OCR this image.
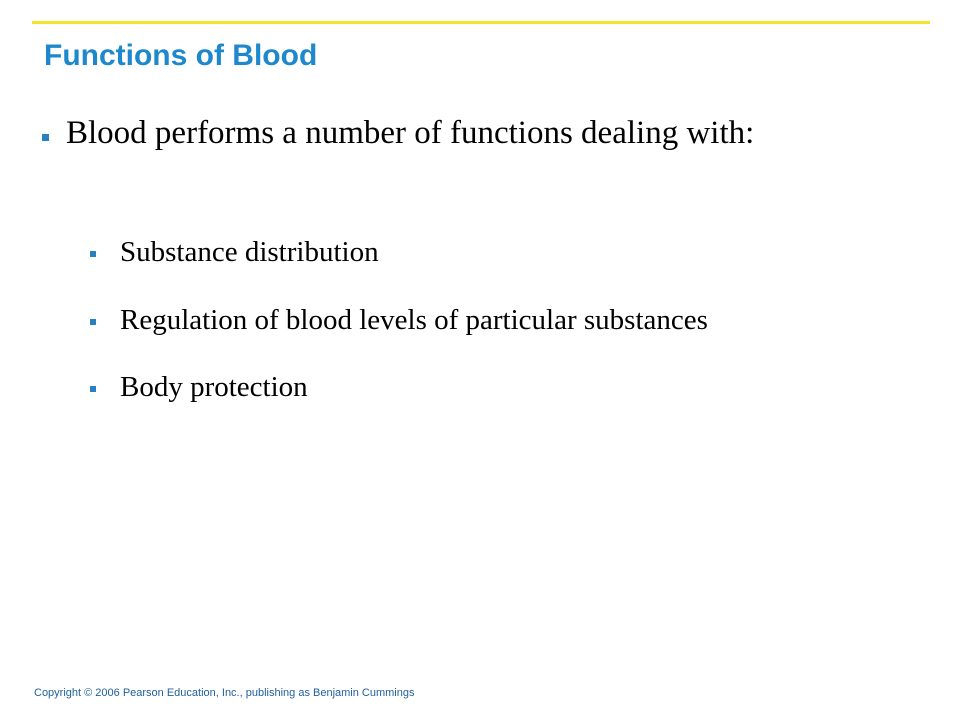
Functions of Blood

Blood performs a number of functions dealing with:

Substance distribution
Regulation of blood levels of particular substances
Body protection

Copyright © 2006 Pearson Education, Inc., publishing as Benjamin Cummings
